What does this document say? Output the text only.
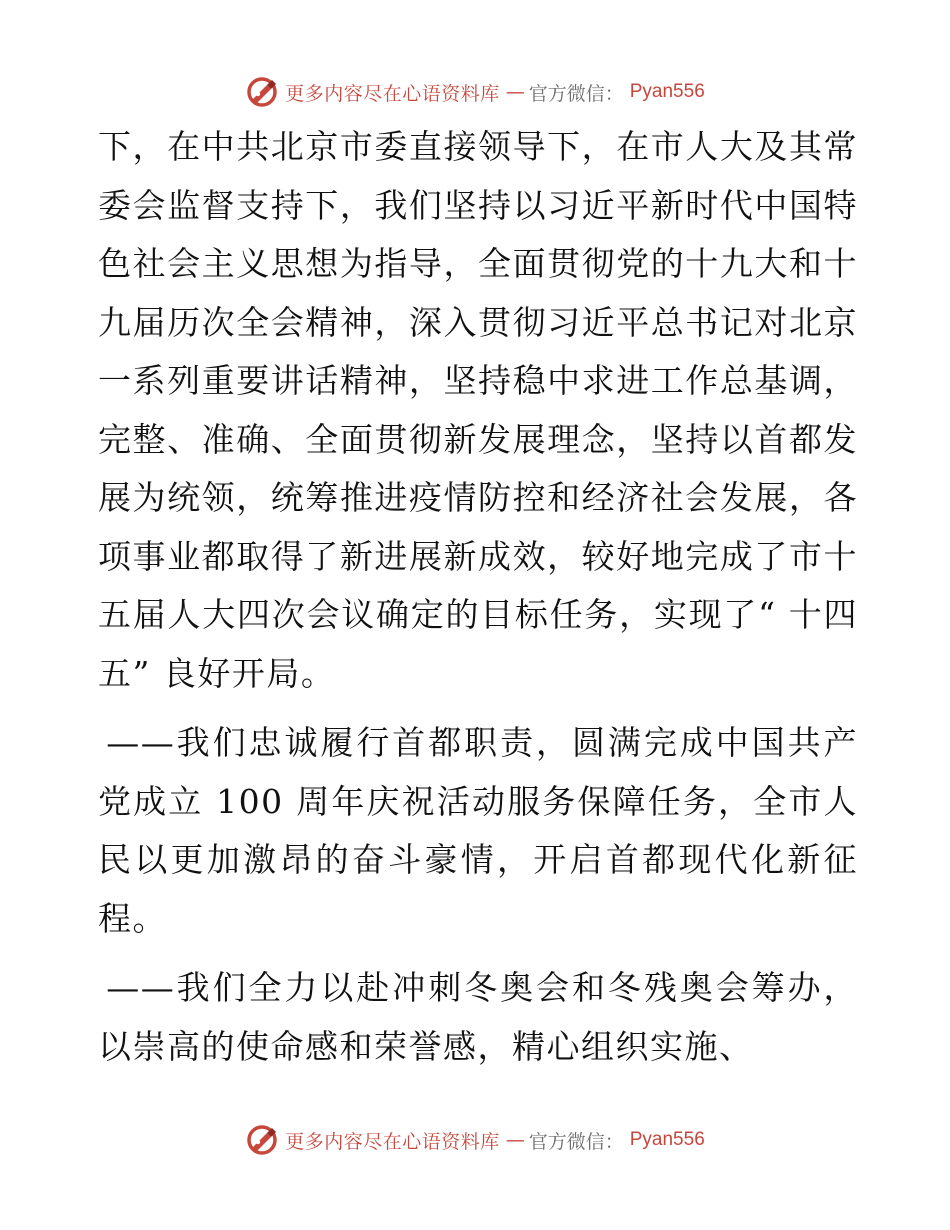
更多内容尽在心语资料库 — 官方微信： Pyan556

下，在中共北京市委直接领导下，在市人大及其常委会监督支持下，我们坚持以习近平新时代中国特色社会主义思想为指导，全面贯彻党的十九大和十九届历次全会精神，深入贯彻习近平总书记对北京一系列重要讲话精神，坚持稳中求进工作总基调，完整、准确、全面贯彻新发展理念，坚持以首都发展为统领，统筹推进疫情防控和经济社会发展，各项事业都取得了新进展新成效，较好地完成了市十五届人大四次会议确定的目标任务，实现了“ 十四五” 良好开局。

——我们忠诚履行首都职责，圆满完成中国共产党成立 100 周年庆祝活动服务保障任务，全市人民以更加激昂的奋斗豪情，开启首都现代化新征程。

——我们全力以赴冲刺冬奥会和冬残奥会筹办，以崇高的使命感和荣誉感，精心组织实施、

更多内容尽在心语资料库 — 官方微信： Pyan556
